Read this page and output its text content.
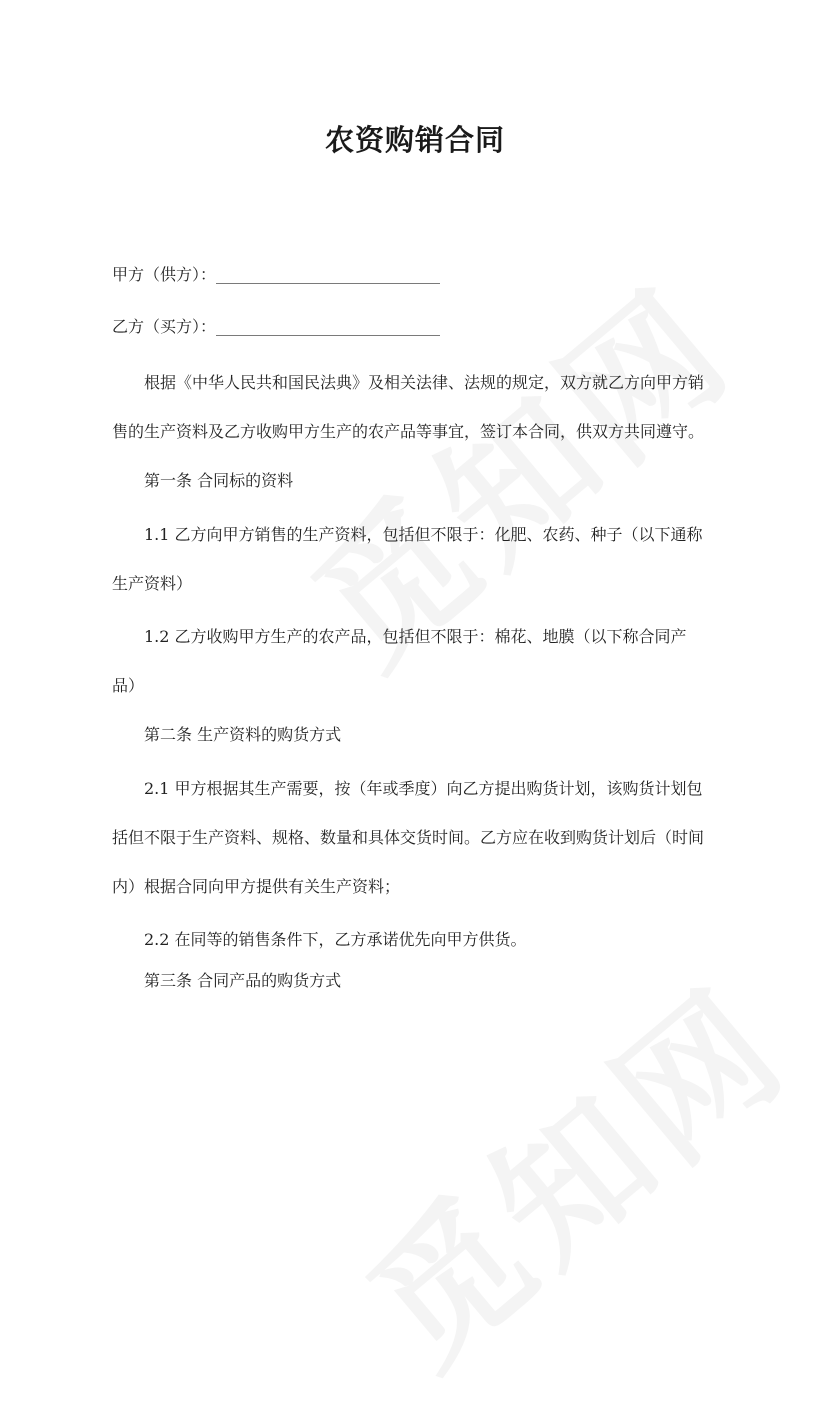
农资购销合同
甲方（供方）：____________________________
乙方（买方）：____________________________
根据《中华人民共和国民法典》及相关法律、法规的规定，双方就乙方向甲方销售的生产资料及乙方收购甲方生产的农产品等事宜，签订本合同，供双方共同遵守。
第一条 合同标的资料
1.1 乙方向甲方销售的生产资料，包括但不限于：化肥、农药、种子（以下通称生产资料）
1.2 乙方收购甲方生产的农产品，包括但不限于：棉花、地膜（以下称合同产品）
第二条 生产资料的购货方式
2.1 甲方根据其生产需要，按（年或季度）向乙方提出购货计划，该购货计划包括但不限于生产资料、规格、数量和具体交货时间。乙方应在收到购货计划后（时间内）根据合同向甲方提供有关生产资料；
2.2 在同等的销售条件下，乙方承诺优先向甲方供货。
第三条 合同产品的购货方式
